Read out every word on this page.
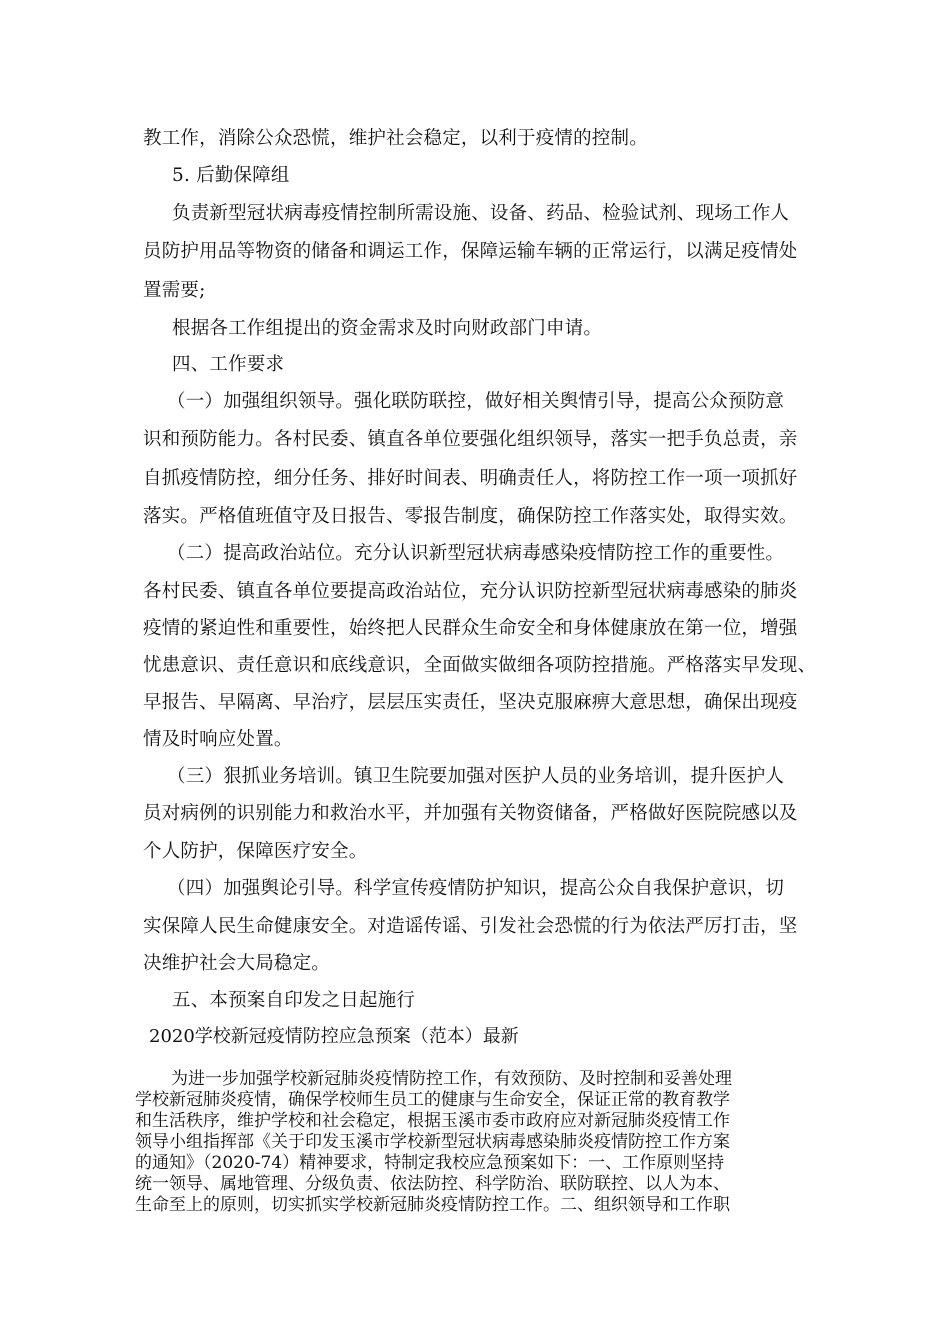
教工作，消除公众恐慌，维护社会稳定，以利于疫情的控制。
5. 后勤保障组
负责新型冠状病毒疫情控制所需设施、设备、药品、检验试剂、现场工作人
员防护用品等物资的储备和调运工作，保障运输车辆的正常运行，以满足疫情处
置需要;
根据各工作组提出的资金需求及时向财政部门申请。
四、工作要求
（一）加强组织领导。强化联防联控，做好相关舆情引导，提高公众预防意
识和预防能力。各村民委、镇直各单位要强化组织领导，落实一把手负总责，亲
自抓疫情防控，细分任务、排好时间表、明确责任人，将防控工作一项一项抓好
落实。严格值班值守及日报告、零报告制度，确保防控工作落实处，取得实效。
（二）提高政治站位。充分认识新型冠状病毒感染疫情防控工作的重要性。
各村民委、镇直各单位要提高政治站位，充分认识防控新型冠状病毒感染的肺炎
疫情的紧迫性和重要性，始终把人民群众生命安全和身体健康放在第一位，增强
忧患意识、责任意识和底线意识，全面做实做细各项防控措施。严格落实早发现、
早报告、早隔离、早治疗，层层压实责任，坚决克服麻痹大意思想，确保出现疫
情及时响应处置。
（三）狠抓业务培训。镇卫生院要加强对医护人员的业务培训，提升医护人
员对病例的识别能力和救治水平，并加强有关物资储备，严格做好医院院感以及
个人防护，保障医疗安全。
（四）加强舆论引导。科学宣传疫情防护知识，提高公众自我保护意识，切
实保障人民生命健康安全。对造谣传谣、引发社会恐慌的行为依法严厉打击，坚
决维护社会大局稳定。
五、本预案自印发之日起施行
2020学校新冠疫情防控应急预案（范本）最新
为进一步加强学校新冠肺炎疫情防控工作，有效预防、及时控制和妥善处理
学校新冠肺炎疫情，确保学校师生员工的健康与生命安全，保证正常的教育教学
和生活秩序，维护学校和社会稳定，根据玉溪市委市政府应对新冠肺炎疫情工作
领导小组指挥部《关于印发玉溪市学校新型冠状病毒感染肺炎疫情防控工作方案
的通知》（2020-74）精神要求，特制定我校应急预案如下：一、工作原则坚持
统一领导、属地管理、分级负责、依法防控、科学防治、联防联控、以人为本、
生命至上的原则，切实抓实学校新冠肺炎疫情防控工作。二、组织领导和工作职
